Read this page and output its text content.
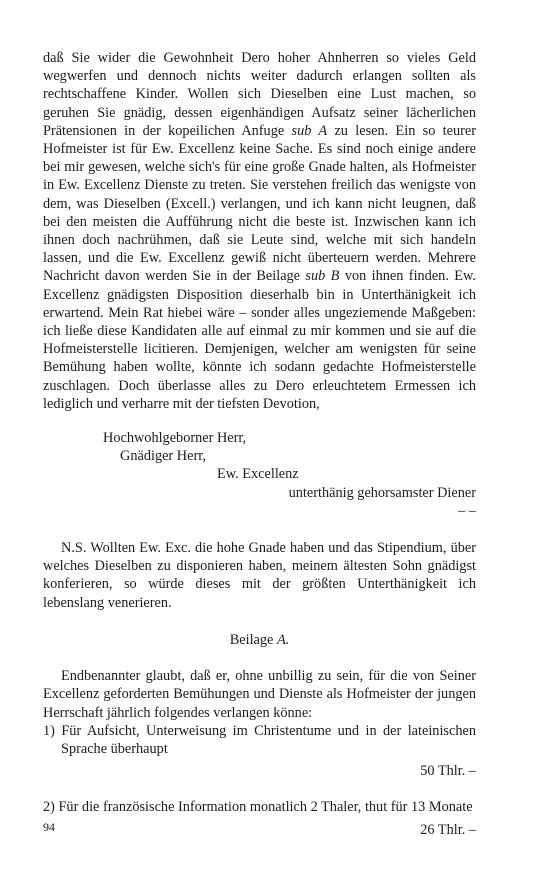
daß Sie wider die Gewohnheit Dero hoher Ahnherren so vieles Geld wegwerfen und dennoch nichts weiter dadurch erlangen sollten als rechtschaffene Kinder. Wollen sich Dieselben eine Lust machen, so geruhen Sie gnädig, dessen eigenhändigen Aufsatz seiner lächerlichen Prätensionen in der kopeilichen Anfuge sub A zu lesen. Ein so teurer Hofmeister ist für Ew. Excellenz keine Sache. Es sind noch einige andere bei mir gewesen, welche sich's für eine große Gnade halten, als Hofmeister in Ew. Excellenz Dienste zu treten. Sie verstehen freilich das wenigste von dem, was Dieselben (Excell.) verlangen, und ich kann nicht leugnen, daß bei den meisten die Aufführung nicht die beste ist. Inzwischen kann ich ihnen doch nachrühmen, daß sie Leute sind, welche mit sich handeln lassen, und die Ew. Excellenz gewiß nicht überteuern werden. Mehrere Nachricht davon werden Sie in der Beilage sub B von ihnen finden. Ew. Excellenz gnädigsten Disposition dieserhalb bin in Unterthänigkeit ich erwartend. Mein Rat hiebei wäre – sonder alles ungeziemende Maßgeben: ich ließe diese Kandidaten alle auf einmal zu mir kommen und sie auf die Hofmeisterstelle licitieren. Demjenigen, welcher am wenigsten für seine Bemühung haben wollte, könnte ich sodann gedachte Hofmeisterstelle zuschlagen. Doch überlasse alles zu Dero erleuchtetem Ermessen ich lediglich und verharre mit der tiefsten Devotion,

Hochwohlgeborner Herr,
Gnädiger Herr,
Ew. Excellenz
unterthänig gehorsamster Diener
– –
N.S. Wollten Ew. Exc. die hohe Gnade haben und das Stipendium, über welches Dieselben zu disponieren haben, meinem ältesten Sohn gnädigst konferieren, so würde dieses mit der größten Unterthänigkeit ich lebenslang venerieren.
Beilage A.
Endbenannter glaubt, daß er, ohne unbillig zu sein, für die von Seiner Excellenz geforderten Bemühungen und Dienste als Hofmeister der jungen Herrschaft jährlich folgendes verlangen könne:
1) Für Aufsicht, Unterweisung im Christentume und in der lateinischen Sprache überhaupt
50 Thlr. –
2) Für die französische Information monatlich 2 Thaler, thut für 13 Monate
26 Thlr. –
94
